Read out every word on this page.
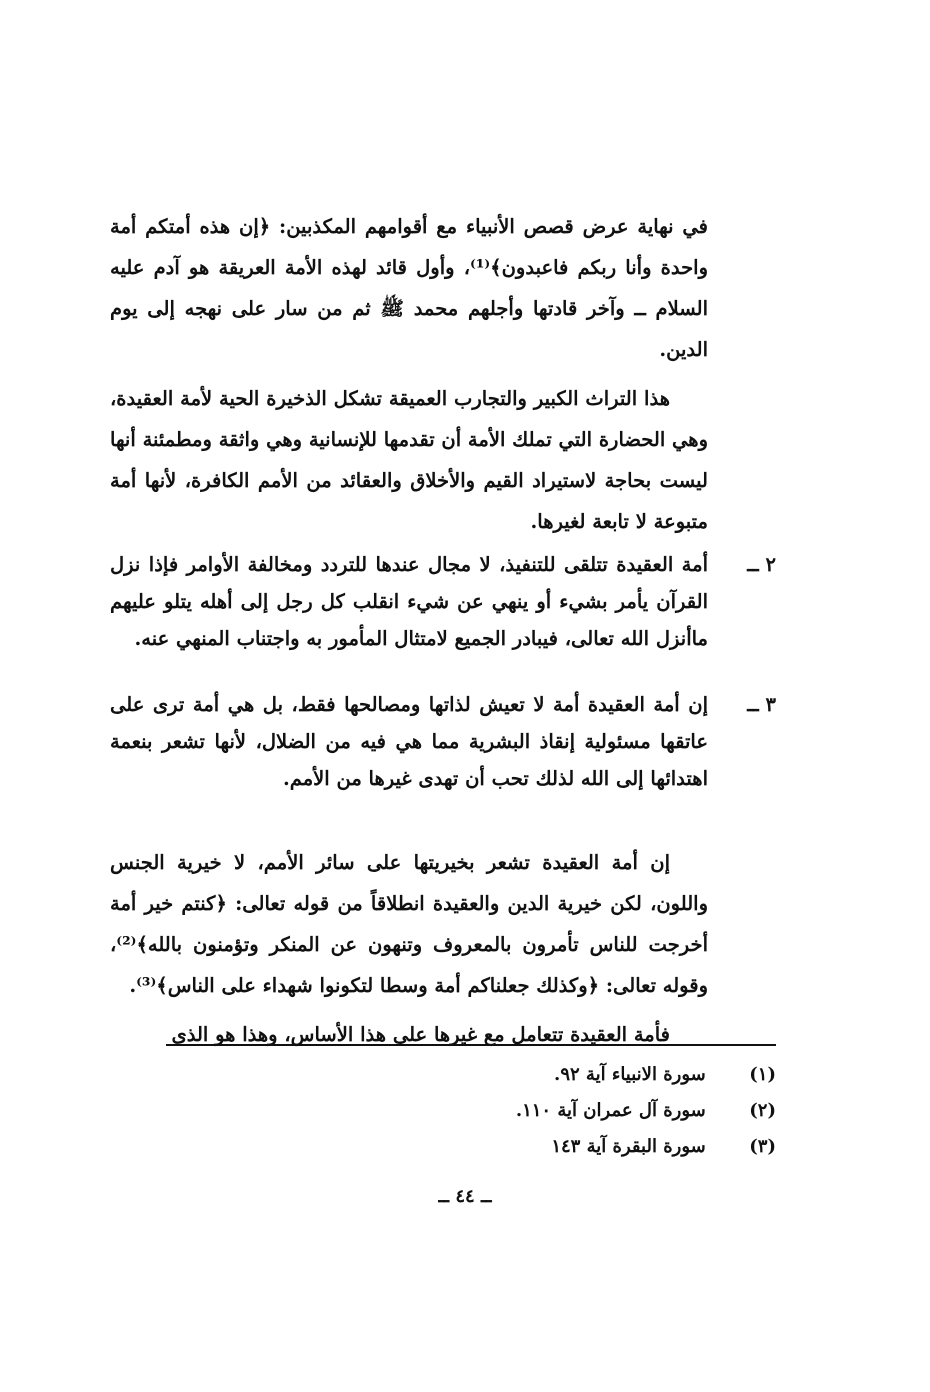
في نهاية عرض قصص الأنبياء مع أقوامهم المكذبين: ﴿إن هذه أمتكم أمة واحدة وأنا ربكم فاعبدون﴾⁽¹⁾، وأول قائد لهذه الأمة العريقة هو آدم عليه السلام ــ وآخر قادتها وأجلهم محمد ﷺ ثم من سار على نهجه إلى يوم الدين.

هذا التراث الكبير والتجارب العميقة تشكل الذخيرة الحية لأمة العقيدة، وهي الحضارة التي تملك الأمة أن تقدمها للإنسانية وهي واثقة ومطمئنة أنها ليست بحاجة لاستيراد القيم والأخلاق والعقائد من الأمم الكافرة، لأنها أمة متبوعة لا تابعة لغيرها.

٢ ــ
أمة العقيدة تتلقى للتنفيذ، لا مجال عندها للتردد ومخالفة الأوامر فإذا نزل القرآن يأمر بشيء أو ينهي عن شيء انقلب كل رجل إلى أهله يتلو عليهم ماأنزل الله تعالى، فيبادر الجميع لامتثال المأمور به واجتناب المنهي عنه.
٣ ــ
إن أمة العقيدة أمة لا تعيش لذاتها ومصالحها فقط، بل هي أمة ترى على عاتقها مسئولية إنقاذ البشرية مما هي فيه من الضلال، لأنها تشعر بنعمة اهتدائها إلى الله لذلك تحب أن تهدى غيرها من الأمم.

إن أمة العقيدة تشعر بخيريتها على سائر الأمم، لا خيرية الجنس واللون، لكن خيرية الدين والعقيدة انطلاقاً من قوله تعالى: ﴿كنتم خير أمة أخرجت للناس تأمرون بالمعروف وتنهون عن المنكر وتؤمنون بالله﴾⁽²⁾، وقوله تعالى: ﴿وكذلك جعلناكم أمة وسطا لتكونوا شهداء على الناس﴾⁽³⁾.

فأمة العقيدة تتعامل مع غيرها على هذا الأساس، وهذا هو الذى

(١) سورة الانبياء آية ٩٢.
(٢) سورة آل عمران آية ١١٠.
(٣) سورة البقرة آية ١٤٣
ــ ٤٤ ــ
